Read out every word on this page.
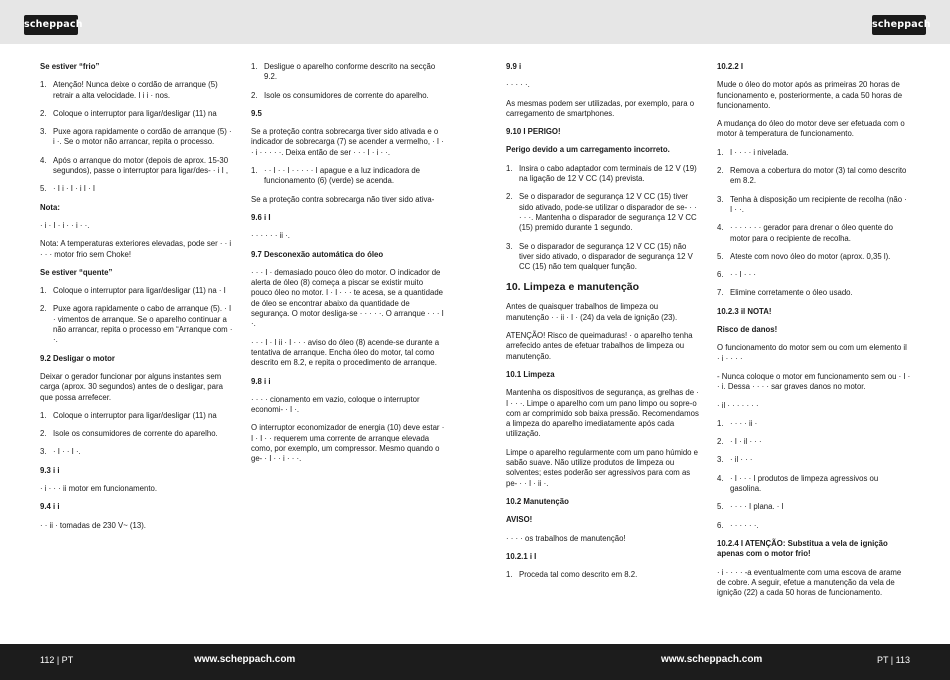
scheppach	scheppach
Se estiver “frio”
1. Atenção! Nunca deixe o cordão de arranque (5) retrair a alta velocidade. I i i · nos.
2. Coloque o interruptor para ligar/desligar (11) na
3. Puxe agora rapidamente o cordão de arranque (5) · i ·. Se o motor não arrancar, repita o processo.
4. Após o arranque do motor (depois de aprox. 15-30 segundos), passe o interruptor para ligar/des- · i I ,
5. · I i · I · i I · I
Nota:
· i · I · i · · i · ·.
Nota: A temperaturas exteriores elevadas, pode ser · · i · · · motor frio sem Choke!
Se estiver “quente”
1. Coloque o interruptor para ligar/desligar (11) na · I
2. Puxe agora rapidamente o cabo de arranque (5). · I · vimentos de arranque. Se o aparelho continuar a não arrancar, repita o processo em “Arranque com · ·.
9.2 Desligar o motor
Deixar o gerador funcionar por alguns instantes sem carga (aprox. 30 segundos) antes de o desligar, para que possa arrefecer.
1. Coloque o interruptor para ligar/desligar (11) na
2. Isole os consumidores de corrente do aparelho.
3. · I · · I ·.
9.3 i i
· i · · · ii motor em funcionamento.
9.4 i i
· · ii · tomadas de 230 V~ (13).
1. Desligue o aparelho conforme descrito na secção 9.2.
2. Isole os consumidores de corrente do aparelho.
9.5
Se a proteção contra sobrecarga tiver sido ativada e o indicador de sobrecarga (7) se acender a vermelho, · I · · i · · · · ·. Deixa então de ser · · · I · i · ·.
1. · · I · · I · · · · · I apague e a luz indicadora de funcionamento (6) (verde) se acenda.
Se a proteção contra sobrecarga não tiver sido ativa-
9.6 i I
· · · · · · ii ·.
9.7 Desconexão automática do óleo
· · · I · demasiado pouco óleo do motor. O indicador de alerta de óleo (8) começa a piscar se existir muito pouco óleo no motor. I · I · · · te acesa, se a quantidade de óleo se encontrar abaixo da quantidade de segurança. O motor desliga-se · · · · ·. O arranque · · · I ·.
· · · I · I ii · I · · · aviso do óleo (8) acende-se durante a tentativa de arranque. Encha óleo do motor, tal como descrito em 8.2, e repita o procedimento de arranque.
9.8 i i
· · · · cionamento em vazio, coloque o interruptor economi- · I ·.
O interruptor economizador de energia (10) deve estar · I · I · · requerem uma corrente de arranque elevada como, por exemplo, um compressor. Mesmo quando o ge- · I · · i · · ·.
9.9 i
· · · · ·.
As mesmas podem ser utilizadas, por exemplo, para o carregamento de smartphones.
9.10 I PERIGO!
Perigo devido a um carregamento incorreto.
1. Insira o cabo adaptador com terminais de 12 V (19) na ligação de 12 V CC (14) prevista.
2. Se o disparador de segurança 12 V CC (15) tiver sido ativado, pode-se utilizar o disparador de se- · · · · ·. Mantenha o disparador de segurança 12 V CC (15) premido durante 1 segundo.
3. Se o disparador de segurança 12 V CC (15) não tiver sido ativado, o disparador de segurança 12 V CC (15) não tem qualquer função.
10. Limpeza e manutenção
Antes de quaisquer trabalhos de limpeza ou manutenção · · ii · I · (24) da vela de ignição (23).
ATENÇÃO! Risco de queimaduras! · o aparelho tenha arrefecido antes de efetuar trabalhos de limpeza ou manutenção.
10.1 Limpeza
Mantenha os dispositivos de segurança, as grelhas de · I · · ·. Limpe o aparelho com um pano limpo ou sopre-o com ar comprimido sob baixa pressão. Recomendamos a limpeza do aparelho imediatamente após cada utilização.
Limpe o aparelho regularmente com um pano húmido e sabão suave. Não utilize produtos de limpeza ou solventes; estes poderão ser agressivos para com as pe- · · I · ii ·.
10.2 Manutenção
AVISO!
· · · · os trabalhos de manutenção!
10.2.1 i I
1. Proceda tal como descrito em 8.2.
10.2.2 I
Mude o óleo do motor após as primeiras 20 horas de funcionamento e, posteriormente, a cada 50 horas de funcionamento.
A mudança do óleo do motor deve ser efetuada com o motor à temperatura de funcionamento.
1. I · · · · i nivelada.
2. Remova a cobertura do motor (3) tal como descrito em 8.2.
3. Tenha à disposição um recipiente de recolha (não · I · ·.
4. · · · · · · · gerador para drenar o óleo quente do motor para o recipiente de recolha.
5. Ateste com novo óleo do motor (aprox. 0,35 l).
6. · · I · · ·
7. Elimine corretamente o óleo usado.
10.2.3 il NOTA!
Risco de danos!
O funcionamento do motor sem ou com um elemento il · i · · · ·
- Nunca coloque o motor em funcionamento sem ou · I · · i. Dessa · · · · sar graves danos no motor.
· il · · · · · · ·
1. · · · · ii ·
2. · I · il · · ·
3. · il · · ·
4. · I · · · I produtos de limpeza agressivos ou gasolina.
5. · · · · I plana. · I
6. · · · · · ·.
10.2.4 I ATENÇÃO: Substitua a vela de ignição apenas com o motor frio!
· i · · · · -a eventualmente com uma escova de arame de cobre. A seguir, efetue a manutenção da vela de ignição (22) a cada 50 horas de funcionamento.
112 | PT	www.scheppach.com	www.scheppach.com	PT | 113
